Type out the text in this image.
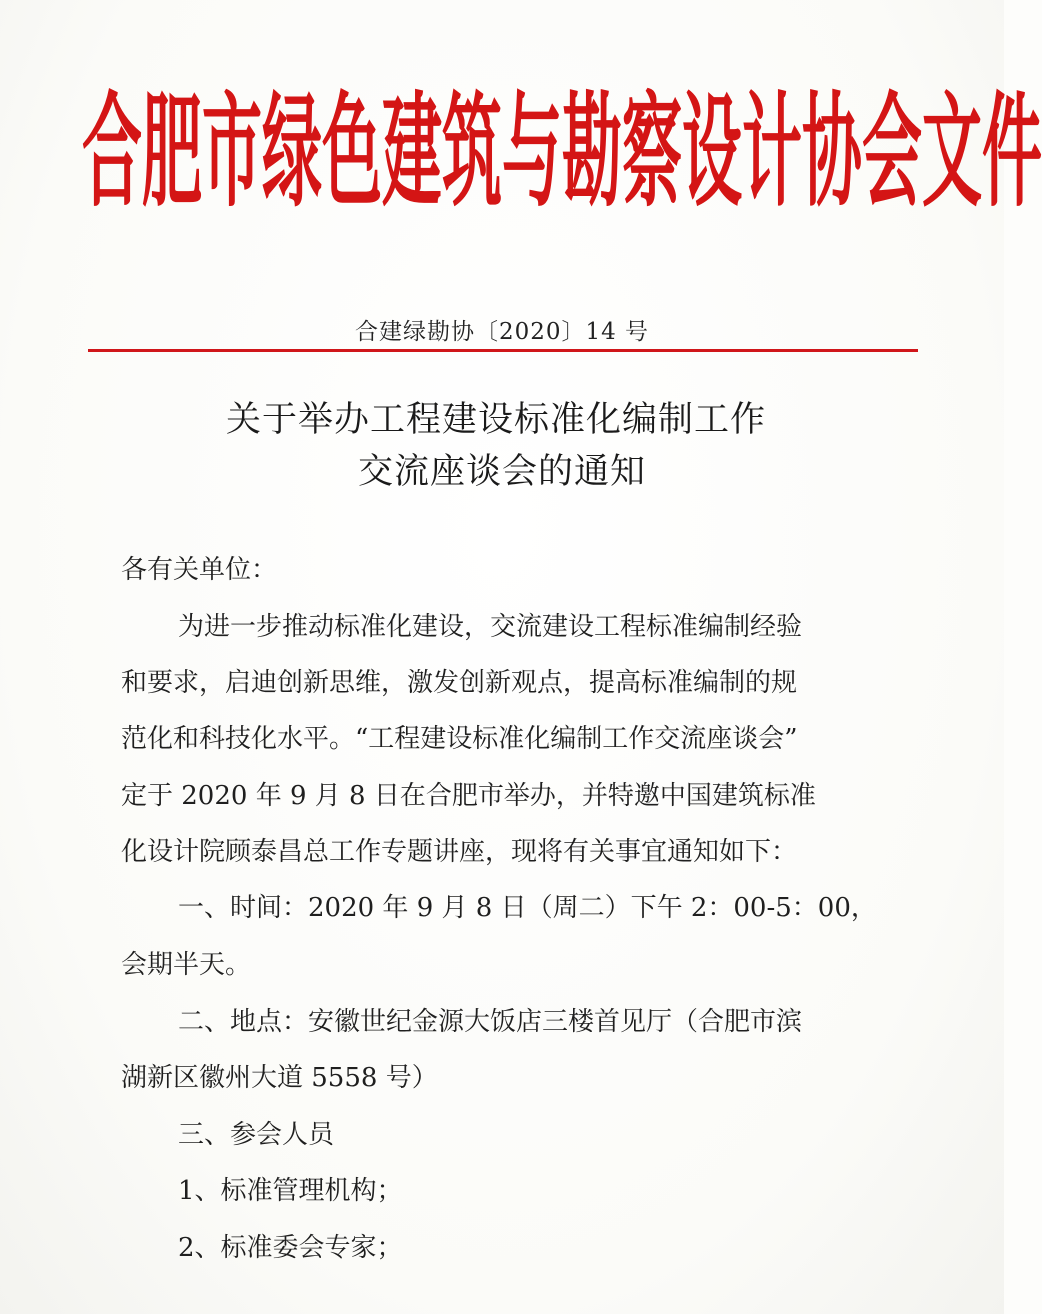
合 肥 市 绿 色 建 筑 与 勘 察 设 计 协 会 文 件
合建绿勘协〔2020〕14 号
关于举办工程建设标准化编制工作
交流座谈会的通知
各有关单位：
为进一步推动标准化建设，交流建设工程标准编制经验
和要求，启迪创新思维，激发创新观点，提高标准编制的规
范化和科技化水平。“工程建设标准化编制工作交流座谈会”
定于 2020 年 9 月 8 日在合肥市举办，并特邀中国建筑标准
化设计院顾泰昌总工作专题讲座，现将有关事宜通知如下：
一、时间：2020 年 9 月 8 日（周二）下午 2：00-5：00，
会期半天。
二、地点：安徽世纪金源大饭店三楼首见厅（合肥市滨
湖新区徽州大道 5558 号）
三、参会人员
1、标准管理机构；
2、标准委会专家；
